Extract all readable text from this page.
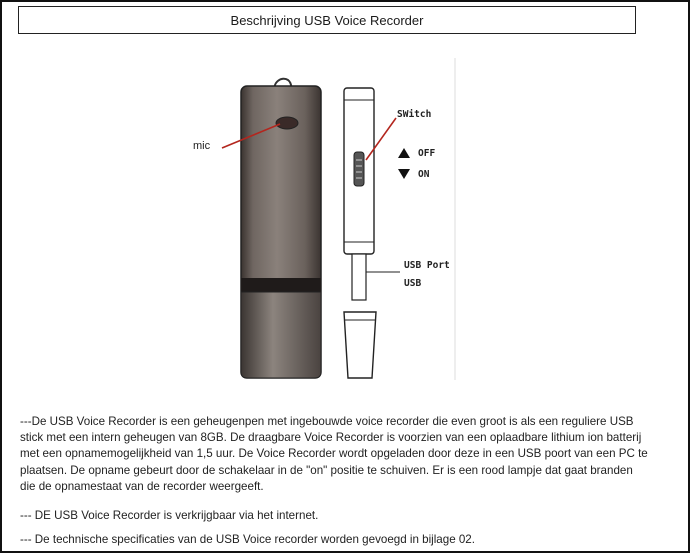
Beschrijving USB Voice Recorder
mic
SWitch
OFF
ON
USB Port
USB

---De USB Voice Recorder is een geheugenpen met ingebouwde voice recorder die even groot is als een reguliere USB stick met een intern geheugen van 8GB. De draagbare Voice Recorder is voorzien van een oplaadbare lithium ion batterij met een opnamemogelijkheid van 1,5 uur. De Voice Recorder wordt opgeladen door deze in een USB poort van een PC te plaatsen. De opname gebeurt door de schakelaar in de "on" positie te schuiven. Er is een rood lampje dat gaat branden die de opnamestaat van de recorder weergeeft.

--- DE USB Voice Recorder is verkrijgbaar via het internet.
--- De technische specificaties van de USB Voice recorder worden gevoegd in bijlage 02.
